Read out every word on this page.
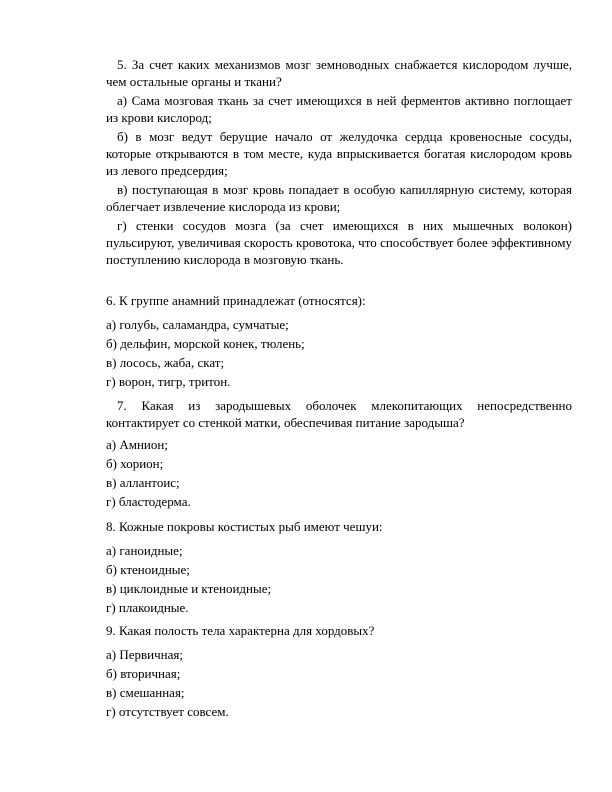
5. За счет каких механизмов мозг земноводных снабжается кислородом лучше, чем остальные органы и ткани?

а) Сама мозговая ткань за счет имеющихся в ней ферментов активно поглощает из крови кислород;

б) в мозг ведут берущие начало от желудочка сердца кровеносные сосуды, которые открываются в том месте, куда впрыскивается богатая кислородом кровь из левого предсердия;

в) поступающая в мозг кровь попадает в особую капиллярную систему, которая облегчает извлечение кислорода из крови;

г) стенки сосудов мозга (за счет имеющихся в них мышечных волокон) пульсируют, увеличивая скорость кровотока, что способствует более эффективному поступлению кислорода в мозговую ткань.

6. К группе анамний принадлежат (относятся):

а) голубь, саламандра, сумчатые;

б) дельфин, морской конек, тюлень;

в) лосось, жаба, скат;

г) ворон, тигр, тритон.

7. Какая из зародышевых оболочек млекопитающих непосредственно контактирует со стенкой матки, обеспечивая питание зародыша?

а) Амнион;

б) хорион;

в) аллантоис;

г) бластодерма.

8. Кожные покровы костистых рыб имеют чешуи:

а) ганоидные;

б) ктеноидные;

в) циклоидные и ктеноидные;

г) плакоидные.

9. Какая полость тела характерна для хордовых?

а) Первичная;

б) вторичная;

в) смешанная;

г) отсутствует совсем.
